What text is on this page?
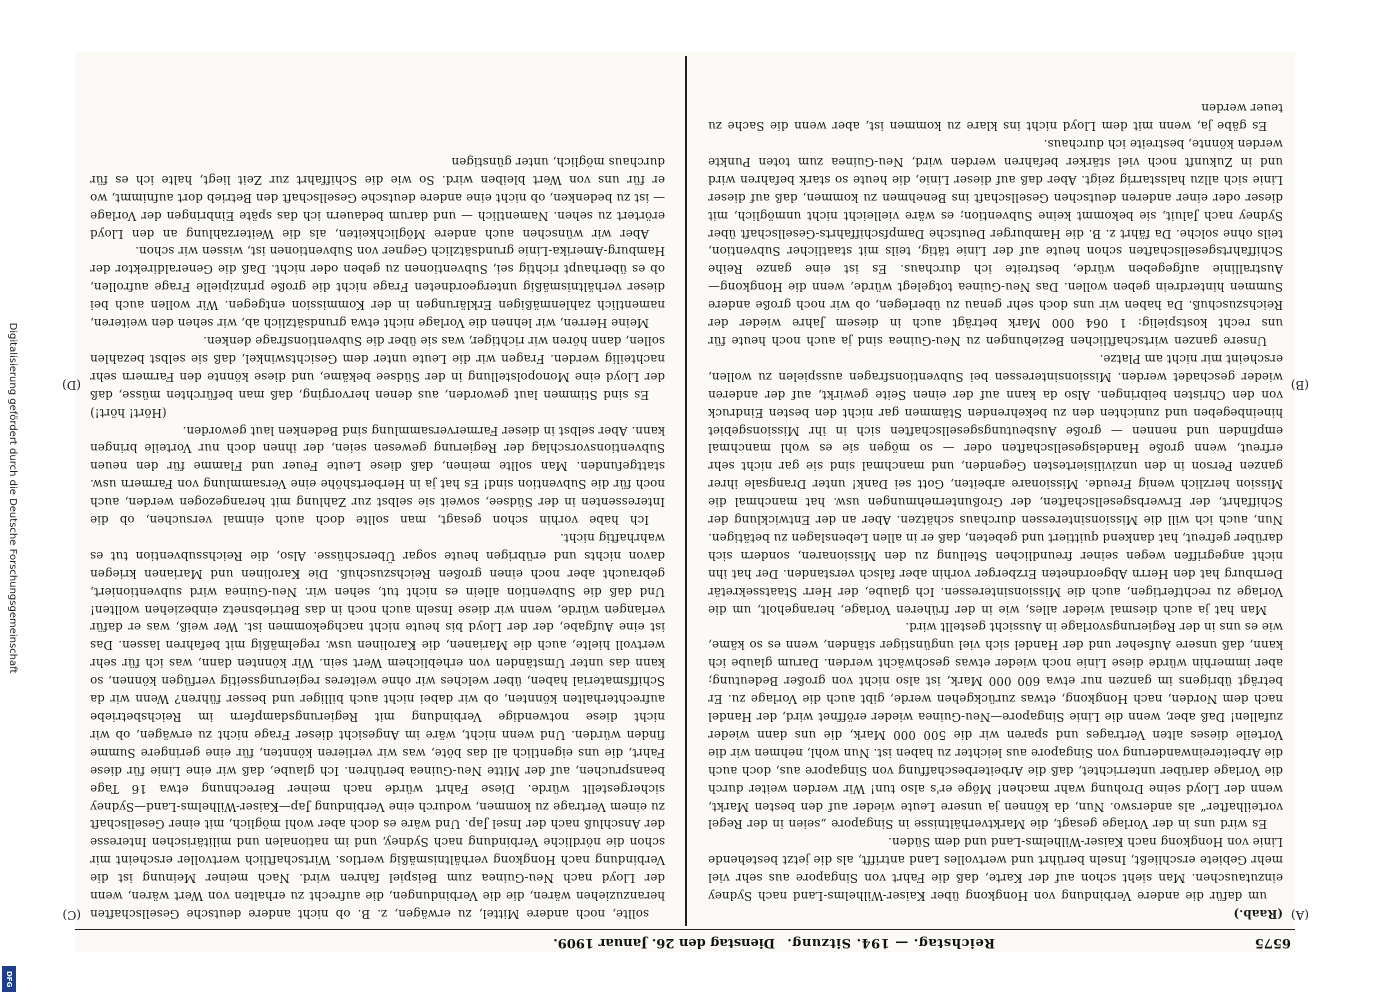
6575
Reichstag. — 194. Sitzung.
Dienstag den 26. Januar 1909.

(Raab.)

um dafür die andere Verbindung von Hongkong über Kaiser-Wilhelms-Land nach Sydney einzutauschen. Man sieht schon auf der Karte, daß die Fahrt von Singapore aus sehr viel mehr Gebiete erschließt, Inseln berührt und wertvolles Land antrifft, als die jetzt bestehende Linie von Hongkong nach Kaiser-Wilhelms-Land und dem Süden.

Es wird uns in der Vorlage gesagt, die Marktverhältnisse in Singapore „seien in der Regel vorteilhafter“ als anderswo. Nun, da können ja unsere Leute wieder auf den besten Markt, wenn der Lloyd seine Drohung wahr machen! Möge er's also tun! Wir werden weiter durch die Vorlage darüber unterrichtet, daß die Arbeiterbeschaffung von Singapore aus, doch auch die Arbeitereinwanderung von Singapore aus leichter zu haben ist. Nun wohl, nehmen wir die Vorteile dieses alten Vertrages und sparen wir die 500 000 Mark, die uns dann wieder zufallen! Daß aber, wenn die Linie Singapore—Neu-Guinea wieder eröffnet wird, der Handel nach dem Norden, nach Hongkong, etwas zurückgehen werde, gibt auch die Vorlage zu. Er beträgt übrigens im ganzen nur etwa 600 000 Mark, ist also nicht von großer Bedeutung; aber immerhin würde diese Linie noch wieder etwas geschwächt werden. Darum glaube ich kann, daß unsere Aufseher und der Handel sich viel ungünstiger ständen, wenn es so käme, wie es uns in der Regierungsvorlage in Aussicht gestellt wird.

Man hat ja auch diesmal wieder alles, wie in der früheren Vorlage, herangeholt, um die Vorlage zu rechtfertigen, auch die Missionsinteressen. Ich glaube, der Herr Staatssekretär Dernburg hat den Herrn Abgeordneten Erzberger vorhin aber falsch verstanden. Der hat ihn nicht angegriffen wegen seiner freundlichen Stellung zu den Missionaren, sondern sich darüber gefreut, hat dankend quittiert und gebeten, daß er in allen Lebenslagen zu betätigen. Nun, auch ich will die Missionsinteressen durchaus schätzen. Aber an der Entwicklung der Schiffahrt, der Erwerbsgesellschaften, der Großunternehmungen usw. hat manchmal die Mission herzlich wenig Freude. Missionare arbeiten, Gott sei Dank! unter Drangsale ihrer ganzen Person in den unzivilisiertesten Gegenden, und manchmal sind sie gar nicht sehr erfreut, wenn große Handelsgesellschaften oder — so mögen sie es wohl manchmal empfinden und nennen — große Ausbeutungsgesellschaften sich in ihr Missionsgebiet hineinbegeben und zunichten den zu bekehrenden Stämmen gar nicht den besten Eindruck von den Christen beibringen. Also da kann auf der einen Seite gewirkt, auf der anderen wieder geschadet werden. Missionsinteressen bei Subventionsfragen ausspielen zu wollen, erscheint mir nicht am Platze.

Unsere ganzen wirtschaftlichen Beziehungen zu Neu-Guinea sind ja auch noch heute für uns recht kostspielig: 1 064 000 Mark beträgt auch in diesem Jahre wieder der Reichszuschuß. Da haben wir uns doch sehr genau zu überlegen, ob wir noch große andere Summen hinterdrein geben wollen. Das Neu-Guinea totgelegt würde, wenn die Hongkong—Australlinie aufgegeben würde, bestreite ich durchaus. Es ist eine ganze Reihe Schiffahrtsgesellschaften schon heute auf der Linie tätig, teils mit staatlicher Subvention, teils ohne solche. Da fährt z. B. die Hamburger Deutsche Dampfschiffahrts-Gesellschaft über Sydney nach Jaluit, sie bekommt keine Subvention; es wäre vielleicht nicht unmöglich, mit dieser oder einer anderen deutschen Gesellschaft ins Benehmen zu kommen, daß auf dieser Linie sich allzu halsstarrig zeigt. Aber daß auf dieser Linie, die heute so stark befahren wird und in Zukunft noch viel stärker befahren werden wird, Neu-Guinea zum toten Punkte werden könnte, bestreite ich durchaus.

Es gäbe ja, wenn mit dem Lloyd nicht ins klare zu kommen ist, aber wenn die Sache zu teuer werden

sollte, noch andere Mittel, zu erwägen, z. B. ob nicht andere deutsche Gesellschaften heranzuziehen wären, die die Verbindungen, die aufrecht zu erhalten von Wert wären, wenn der Lloyd nach Neu-Guinea zum Beispiel fahren wird. Nach meiner Meinung ist die Verbindung nach Hongkong verhältnismäßig wertlos. Wirtschaftlich wertvoller erscheint mir schon die nördliche Verbindung nach Sydney, und im nationalen und militärischen Interesse der Anschluß nach der Insel Jap. Und wäre es doch aber wohl möglich, mit einer Gesellschaft zu einem Vertrage zu kommen, wodurch eine Verbindung Jap—Kaiser-Wilhelms-Land—Sydney sichergestellt würde. Diese Fahrt würde nach meiner Berechnung etwa 16 Tage beanspruchen, auf der Mitte Neu-Guinea berühren. Ich glaube, daß wir eine Linie für diese Fahrt, die uns eigentlich all das böte, was wir verlieren könnten, für eine geringere Summe finden würden. Und wenn nicht, wäre im Angesicht dieser Frage nicht zu erwägen, ob wir nicht diese notwendige Verbindung mit Regierungsdampfern im Reichsbetriebe aufrechterhalten könnten, ob wir dabei nicht auch billiger und besser führen? Wenn wir da Schiffsmaterial haben, über welches wir ohne weiteres regierungsseitig verfügen können, so kann das unter Umständen von erheblichem Wert sein. Wir könnten dann, was ich für sehr wertvoll hielte, auch die Marianen, die Karolinen usw. regelmäßig mit befahren lassen. Das ist eine Aufgabe, der der Lloyd bis heute nicht nachgekommen ist. Wer weiß, was er dafür verlangen würde, wenn wir diese Inseln auch noch in das Betriebsnetz einbeziehen wollten! Und daß die Subvention allein es nicht tut, sehen wir. Neu-Guinea wird subventioniert, gebraucht aber noch einen großen Reichszuschuß. Die Karolinen und Marianen kriegen davon nichts und erübrigen heute sogar Überschüsse. Also, die Reichssubvention tut es wahrhaftig nicht.

Ich habe vorhin schon gesagt, man sollte doch auch einmal versuchen, ob die Interessenten in der Südsee, soweit sie selbst zur Zahlung mit herangezogen werden, auch noch für die Subvention sind! Es hat ja in Herbertshöhe eine Versammlung von Farmern usw. stattgefunden. Man sollte meinen, daß diese Leute Feuer und Flamme für den neuen Subventionsvorschlag der Regierung gewesen seien, der ihnen doch nur Vorteile bringen kann. Aber selbst in dieser Farmerversammlung sind Bedenken laut geworden.

(Hört! hört!)

Es sind Stimmen laut geworden, aus denen hervorging, daß man befürchten müsse, daß der Lloyd eine Monopolstellung in der Südsee bekäme, und diese könnte den Farmern sehr nachteilig werden. Fragen wir die Leute unter dem Gesichtswinkel, daß sie selbst bezahlen sollen, dann hören wir richtiger, was sie über die Subventionsfrage denken.

Meine Herren, wir lehnen die Vorlage nicht etwa grundsätzlich ab, wir sehen den weiteren, namentlich zahlenmäßigen Erklärungen in der Kommission entgegen. Wir wollen auch bei dieser verhältnismäßig untergeordneten Frage nicht die große prinzipielle Frage aufrollen, ob es überhaupt richtig sei, Subventionen zu geben oder nicht. Daß die Generaldirektor der Hamburg-Amerika-Linie grundsätzlich Gegner von Subventionen ist, wissen wir schon.

Aber wir wünschen auch andere Möglichkeiten, als die Weiterzahlung an den Lloyd erörtert zu sehen. Namentlich — und darum bedauern ich das späte Einbringen der Vorlage — ist zu bedenken, ob nicht eine andere deutsche Gesellschaft den Betrieb dort aufnimmt, wo er für uns von Wert bleiben wird. So wie die Schiffahrt zur Zeit liegt, halte ich es für durchaus möglich, unter günstigen

(A)
(B)
(C)
(D)
Digitalisierung gefördert durch die Deutsche Forschungsgemeinschaft
DFG
